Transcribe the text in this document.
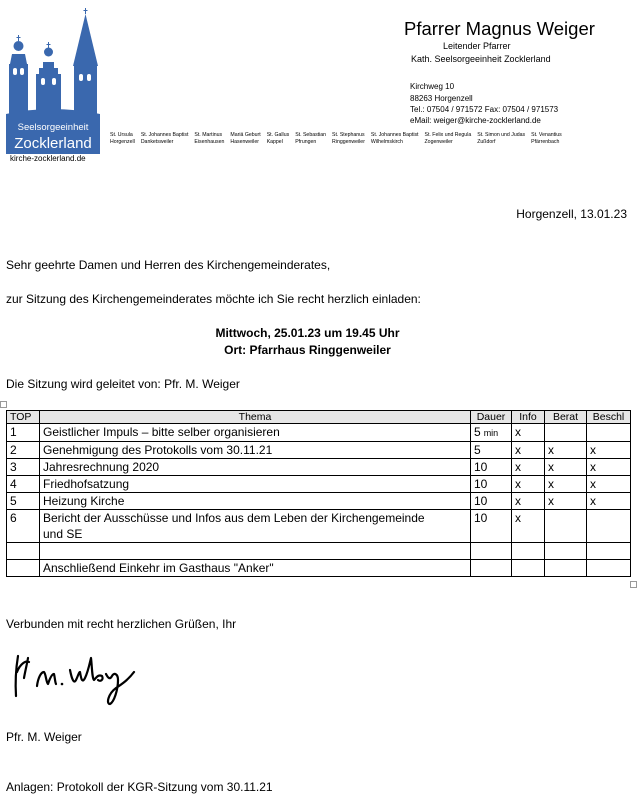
Seelsorgeeinheit
Zocklerland
kirche-zocklerland.de
St. Ursula
Horgenzell
St. Johannes Baptist
Danketsweiler
St. Martinus
Eisenhausen
Mariä Geburt
Hasenweiler
St. Gallus
Kappel
St. Sebastian
Pfrungen
St. Stephanus
Ringgenweiler
St. Johannes Baptist
Wilhelmskirch
St. Felix und Regula
Zogenweiler
St. Simon und Judas
Zußdorf
St. Venantius
Pfärrenbach
Pfarrer Magnus Weiger
Leitender Pfarrer
Kath. Seelsorgeeinheit Zocklerland
Kirchweg 10
88263 Horgenzell
Tel.: 07504 / 971572 Fax: 07504 / 971573
eMail: weiger@kirche-zocklerland.de
Horgenzell, 13.01.23
Sehr geehrte Damen und Herren des Kirchengemeinderates,
zur Sitzung des Kirchengemeinderates möchte ich Sie recht herzlich einladen:
Mittwoch, 25.01.23 um 19.45 Uhr
Ort: Pfarrhaus Ringgenweiler
Die Sitzung wird geleitet von: Pfr. M. Weiger
TOP	Thema	Dauer	Info	Berat	Beschl
1	Geistlicher Impuls – bitte selber organisieren	5 min	x		
2	Genehmigung des Protokolls vom 30.11.21	5	x	x	x
3	Jahresrechnung 2020	10	x	x	x
4	Friedhofsatzung	10	x	x	x
5	Heizung Kirche	10	x	x	x
6	Bericht der Ausschüsse und Infos aus dem Leben der Kirchengemeinde
und SE	10	x		

	Anschließend Einkehr im Gasthaus "Anker"				

Verbunden mit recht herzlichen Grüßen, Ihr
Pfr. M. Weiger
Anlagen: Protokoll der KGR-Sitzung vom 30.11.21
